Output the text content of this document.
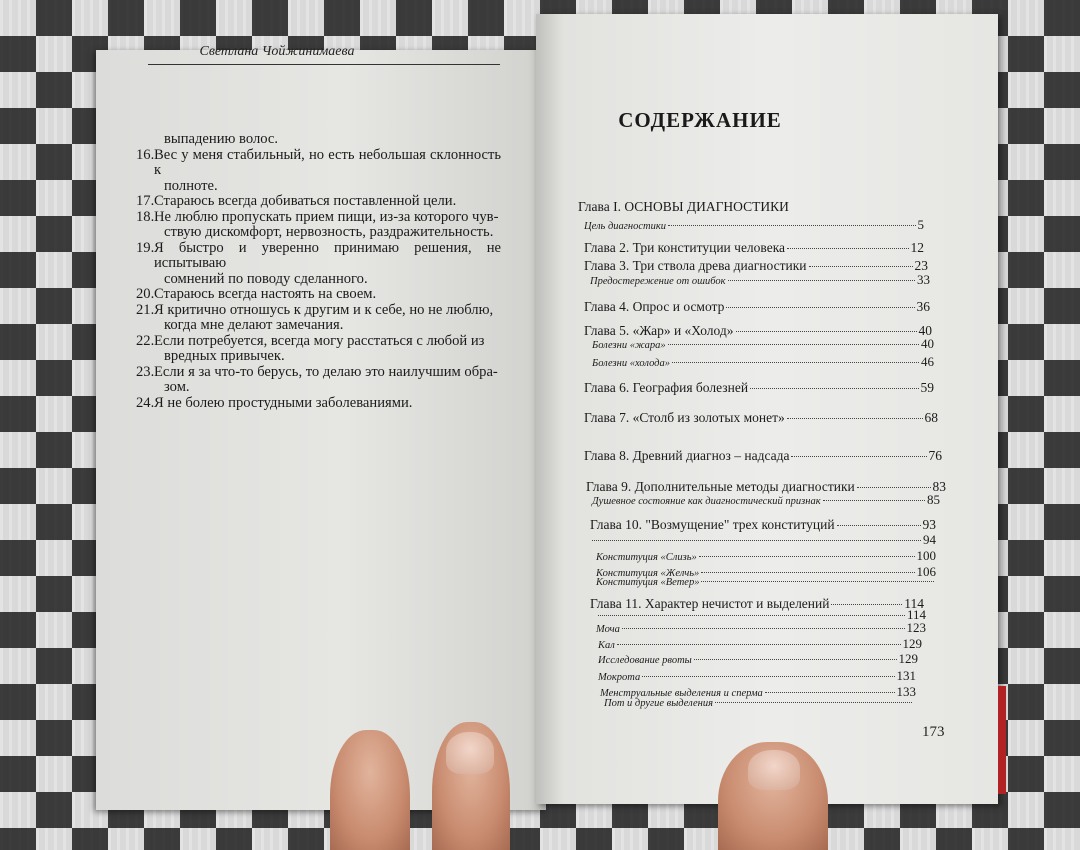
Светлана Чойжинимаева
выпадению волос.
16. Вес у меня стабильный, но есть небольшая склонность к
полноте.
17. Стараюсь всегда добиваться поставленной цели.
18. Не люблю пропускать прием пищи, из-за которого чув-
ствую дискомфорт, нервозность, раздражительность.
19. Я быстро и уверенно принимаю решения, не испытываю
сомнений по поводу сделанного.
20. Стараюсь всегда настоять на своем.
21. Я критично отношусь к другим и к себе, но не люблю,
когда мне делают замечания.
22. Если потребуется, всегда могу расстаться с любой из
вредных привычек.
23. Если я за что-то берусь, то делаю это наилучшим обра-
зом.
24. Я не болею простудными заболеваниями.
СОДЕРЖАНИЕ
Глава I. ОСНОВЫ ДИАГНОСТИКИ
Цель диагностики	5
Глава 2. Три конституции человека	12
Глава 3. Три ствола древа диагностики	23
Предостережение от ошибок	33
Глава 4. Опрос и осмотр	36
Глава 5. «Жар» и «Холод»	40
Болезни «жара»	40
Болезни «холода»	46
Глава 6. География болезней	59
Глава 7. «Столб из золотых монет»	68
Глава 8. Древний диагноз – надсада	76
Глава 9. Дополнительные методы диагностики	83
Душевное состояние как диагностический признак	85
Глава 10. "Возмущение" трех конституций	93
94
Конституция «Слизь»	100
Конституция «Желчь»	106
Конституция «Ветер»
Глава 11. Характер нечистот и выделений	114
114
Моча	123
Кал	129
Исследование рвоты	129
Мокрота	131
Менструальные выделения и сперма	133
Пот и другие выделения
173
